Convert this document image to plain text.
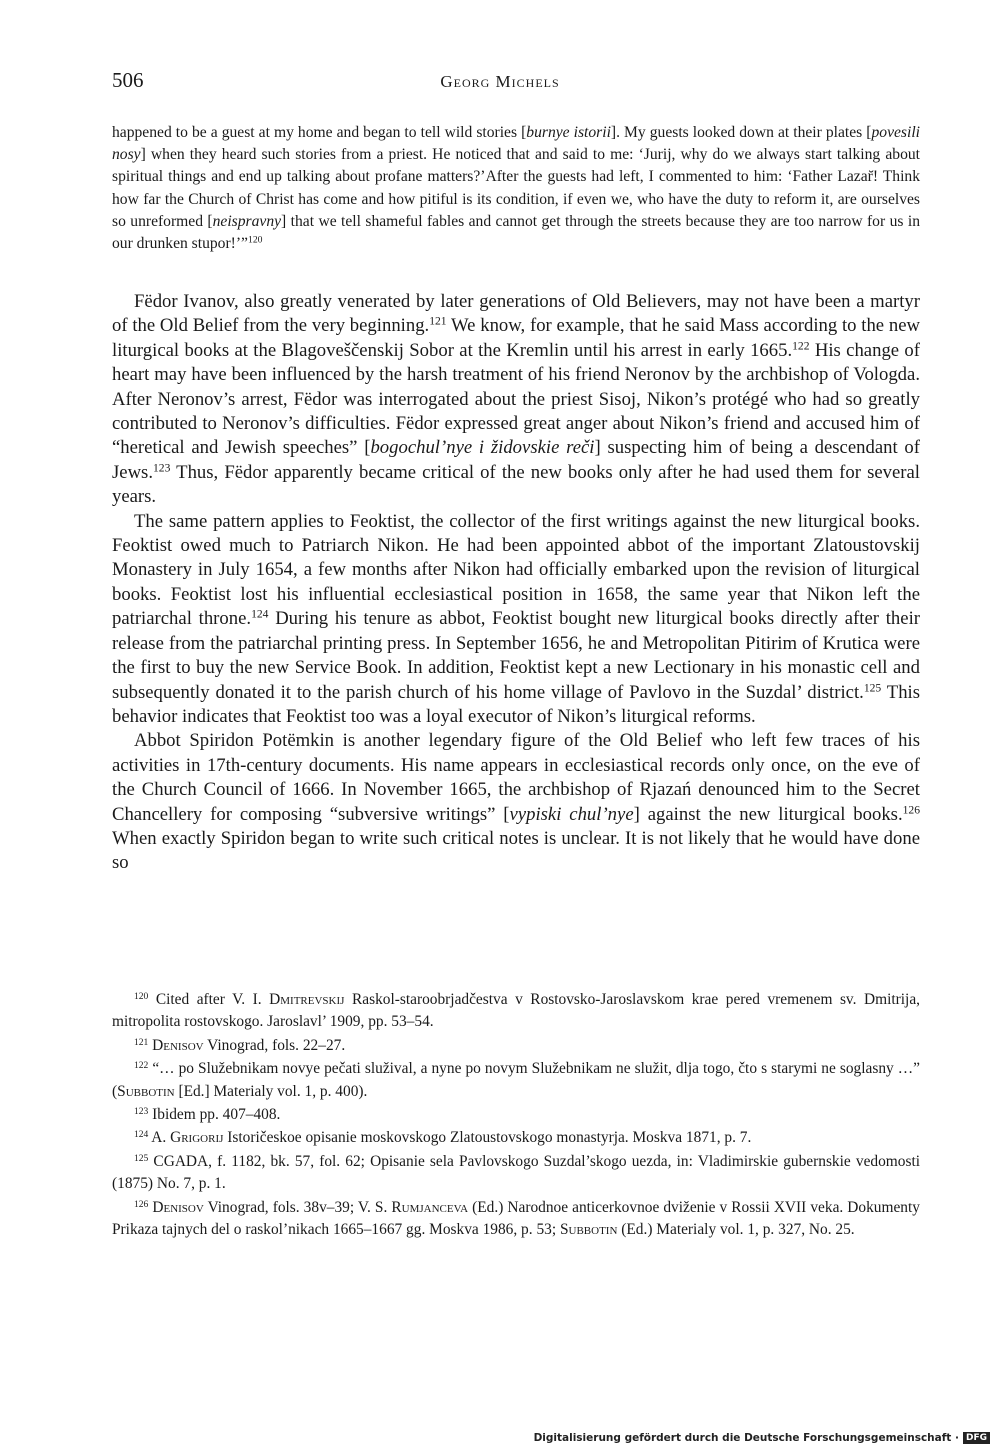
506	Georg Michels
happened to be a guest at my home and began to tell wild stories [burnye istorii]. My guests looked down at their plates [povesili nosy] when they heard such stories from a priest. He noticed that and said to me: ‘Jurij, why do we always start talking about spiritual things and end up talking about profane matters?’After the guests had left, I commented to him: ‘Father Lazar̆! Think how far the Church of Christ has come and how pitiful is its condition, if even we, who have the duty to reform it, are ourselves so unreformed [neispravny] that we tell shameful fables and cannot get through the streets because they are too narrow for us in our drunken stupor!’”$^{120}$

Fëdor Ivanov, also greatly venerated by later generations of Old Believers, may not have been a martyr of the Old Belief from the very beginning.$^{121}$ We know, for example, that he said Mass according to the new liturgical books at the Blagoveščenskij Sobor at the Kremlin until his arrest in early 1665.$^{122}$ His change of heart may have been influenced by the harsh treatment of his friend Neronov by the archbishop of Vologda. After Neronov’s arrest, Fëdor was interrogated about the priest Sisoj, Nikon’s protégé who had so greatly contributed to Neronov’s difficulties. Fëdor expressed great anger about Nikon’s friend and accused him of “heretical and Jewish speeches” [bogochul’nye i židovskie reči] suspecting him of being a descendant of Jews.$^{123}$ Thus, Fëdor apparently became critical of the new books only after he had used them for several years.

The same pattern applies to Feoktist, the collector of the first writings against the new liturgical books. Feoktist owed much to Patriarch Nikon. He had been appointed abbot of the important Zlatoustovskij Monastery in July 1654, a few months after Nikon had officially embarked upon the revision of liturgical books. Feoktist lost his influential ecclesiastical position in 1658, the same year that Nikon left the patriarchal throne.$^{124}$ During his tenure as abbot, Feoktist bought new liturgical books directly after their release from the patriarchal printing press. In September 1656, he and Metropolitan Pitirim of Krutica were the first to buy the new Service Book. In addition, Feoktist kept a new Lectionary in his monastic cell and subsequently donated it to the parish church of his home village of Pavlovo in the Suzdal’ district.$^{125}$ This behavior indicates that Feoktist too was a loyal executor of Nikon’s liturgical reforms.

Abbot Spiridon Potëmkin is another legendary figure of the Old Belief who left few traces of his activities in 17th-century documents. His name appears in ecclesiastical records only once, on the eve of the Church Council of 1666. In November 1665, the archbishop of Rjazań denounced him to the Secret Chancellery for composing “subversive writings” [vypiski chul’nye] against the new liturgical books.$^{126}$ When exactly Spiridon began to write such critical notes is unclear. It is not likely that he would have done so

$^{120}$ Cited after V. I. Dmitrevskij Raskol-staroobrjadčestva v Rostovsko-Jaroslavskom krae pered vremenem sv. Dmitrija, mitropolita rostovskogo. Jaroslavl’ 1909, pp. 53–54.

$^{121}$ Denisov Vinograd, fols. 22–27.

$^{122}$ “… po Služebnikam novye pečati služival, a nyne po novym Služebnikam ne služit, dlja togo, čto s starymi ne soglasny …” (Subbotin [Ed.] Materialy vol. 1, p. 400).

$^{123}$ Ibidem pp. 407–408.

$^{124}$ A. Grigorij Istoričeskoe opisanie moskovskogo Zlatoustovskogo monastyrja. Moskva 1871, p. 7.

$^{125}$ CGADA, f. 1182, bk. 57, fol. 62; Opisanie sela Pavlovskogo Suzdal’skogo uezda, in: Vladimirskie gubernskie vedomosti (1875) No. 7, p. 1.

$^{126}$ Denisov Vinograd, fols. 38v–39; V. S. Rumjanceva (Ed.) Narodnoe anticerkovnoe dviženie v Rossii XVII veka. Dokumenty Prikaza tajnych del o raskol’nikach 1665–1667 gg. Moskva 1986, p. 53; Subbotin (Ed.) Materialy vol. 1, p. 327, No. 25.

Digitalisierung gefördert durch die Deutsche Forschungsgemeinschaft · DFG
